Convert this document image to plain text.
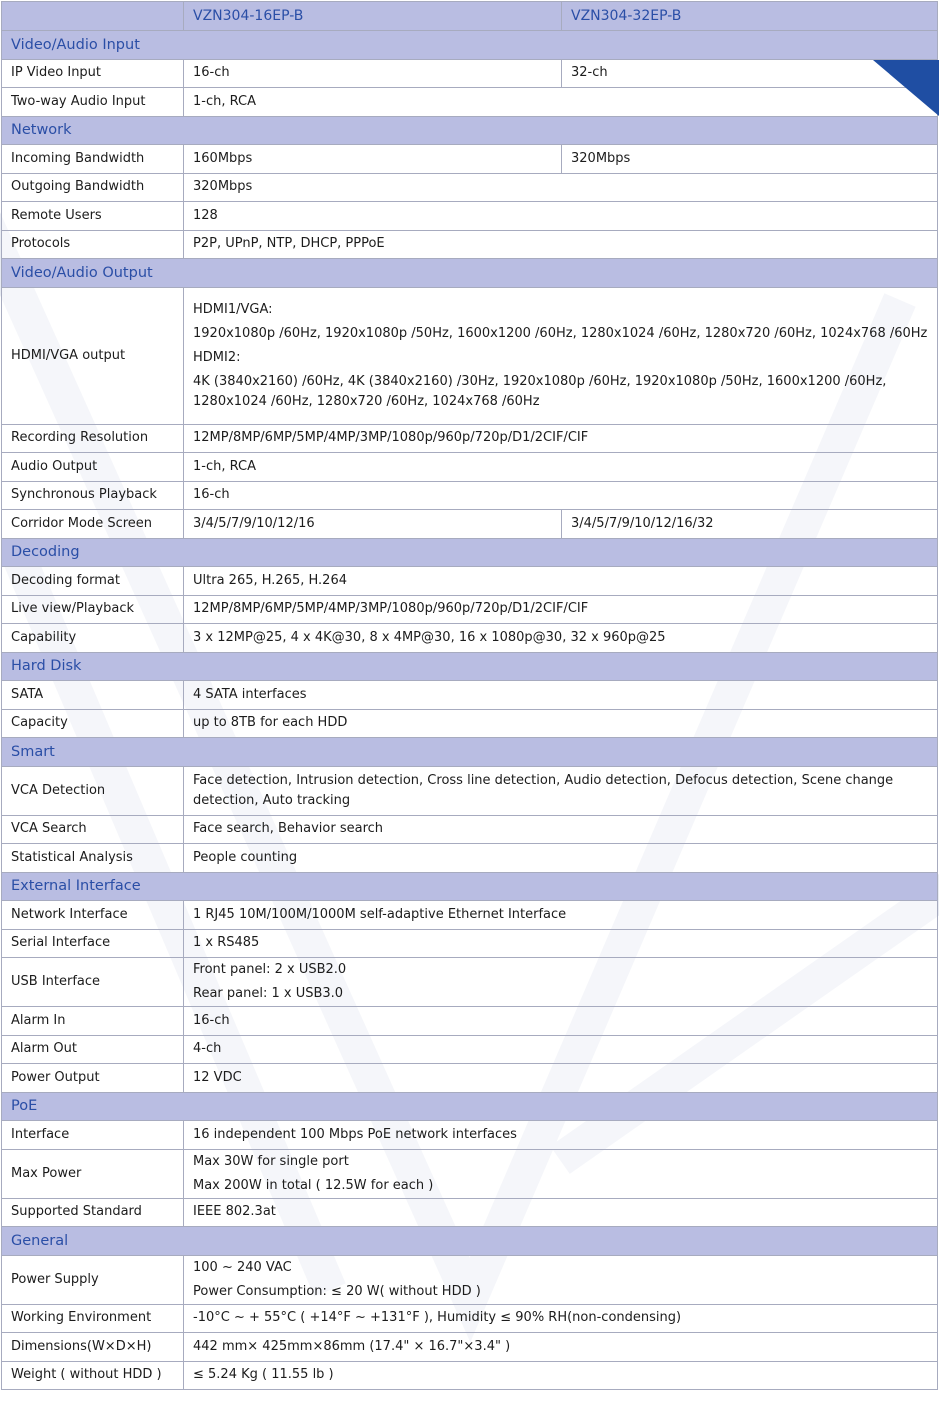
	VZN304-16EP-B	VZN304-32EP-B
Video/Audio Input		
IP Video Input	16-ch	32-ch
Two-way Audio Input	1-ch, RCA	
Network		
Incoming Bandwidth	160Mbps	320Mbps
Outgoing Bandwidth	320Mbps	
Remote Users	128	
Protocols	P2P, UPnP, NTP, DHCP, PPPoE	
Video/Audio Output		
HDMI/VGA output	HDMI1/VGA:
1920x1080p /60Hz, 1920x1080p /50Hz, 1600x1200 /60Hz, 1280x1024 /60Hz, 1280x720 /60Hz, 1024x768 /60Hz
HDMI2:
4K (3840x2160) /60Hz, 4K (3840x2160) /30Hz, 1920x1080p /60Hz, 1920x1080p /50Hz, 1600x1200 /60Hz, 1280x1024 /60Hz, 1280x720 /60Hz, 1024x768 /60Hz	

Recording Resolution	12MP/8MP/6MP/5MP/4MP/3MP/1080p/960p/720p/D1/2CIF/CIF	
Audio Output	1-ch, RCA	
Synchronous Playback	16-ch	
Corridor Mode Screen	3/4/5/7/9/10/12/16	3/4/5/7/9/10/12/16/32
Decoding		
Decoding format	Ultra 265, H.265, H.264	
Live view/Playback	12MP/8MP/6MP/5MP/4MP/3MP/1080p/960p/720p/D1/2CIF/CIF	
Capability	3 x 12MP@25, 4 x 4K@30, 8 x 4MP@30, 16 x 1080p@30, 32 x 960p@25	
Hard Disk		
SATA	4 SATA interfaces	
Capacity	up to 8TB for each HDD	
Smart		
VCA Detection	Face detection, Intrusion detection, Cross line detection, Audio detection, Defocus detection, Scene change detection, Auto tracking	
VCA Search	Face search, Behavior search	
Statistical Analysis	People counting	
External Interface		
Network Interface	1 RJ45 10M/100M/1000M self-adaptive Ethernet Interface	
Serial Interface	1 x RS485	
USB Interface	Front panel: 2 x USB2.0
Rear panel: 1 x USB3.0	

Alarm In	16-ch	
Alarm Out	4-ch	
Power Output	12 VDC	
PoE		
Interface	16 independent 100 Mbps PoE network interfaces	
Max Power	Max 30W for single port
Max 200W in total ( 12.5W for each )	

Supported Standard	IEEE 802.3at	
General		
Power Supply	100 ~ 240 VAC
Power Consumption: ≤ 20 W( without HDD )	

Working Environment	-10°C ~ + 55°C ( +14°F ~ +131°F ), Humidity ≤ 90% RH(non-condensing)	
Dimensions(W×D×H)	442 mm× 425mm×86mm (17.4" × 16.7"×3.4" )	
Weight ( without HDD )	≤ 5.24 Kg ( 11.55 lb )	
